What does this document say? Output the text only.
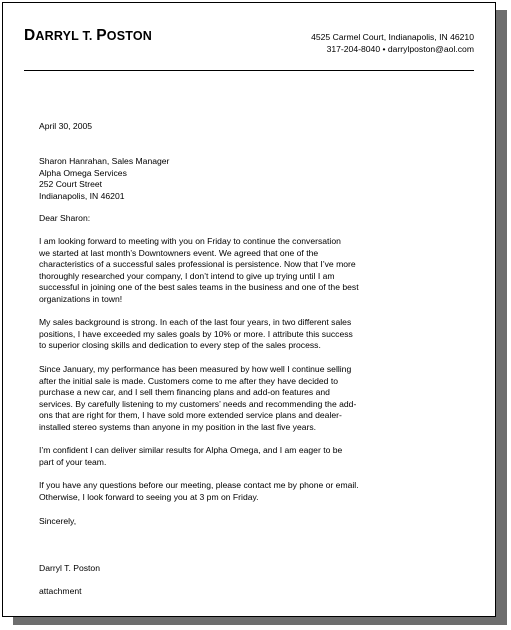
DARRYL T. POSTON	4525 Carmel Court, Indianapolis, IN 46210
317-204-8040 • darrylposton@aol.com
April 30, 2005
Sharon Hanrahan, Sales Manager
Alpha Omega Services
252 Court Street
Indianapolis, IN 46201
Dear Sharon:
I am looking forward to meeting with you on Friday to continue the conversation
we started at last month’s Downtowners event. We agreed that one of the
characteristics of a successful sales professional is persistence. Now that I’ve more
thoroughly researched your company, I don’t intend to give up trying until I am
successful in joining one of the best sales teams in the business and one of the best
organizations in town!
My sales background is strong. In each of the last four years, in two different sales
positions, I have exceeded my sales goals by 10% or more. I attribute this success
to superior closing skills and dedication to every step of the sales process.
Since January, my performance has been measured by how well I continue selling
after the initial sale is made. Customers come to me after they have decided to
purchase a new car, and I sell them financing plans and add-on features and
services. By carefully listening to my customers’ needs and recommending the add-
ons that are right for them, I have sold more extended service plans and dealer-
installed stereo systems than anyone in my position in the last five years.
I’m confident I can deliver similar results for Alpha Omega, and I am eager to be
part of your team.
If you have any questions before our meeting, please contact me by phone or email.
Otherwise, I look forward to seeing you at 3 pm on Friday.
Sincerely,
Darryl T. Poston
attachment
